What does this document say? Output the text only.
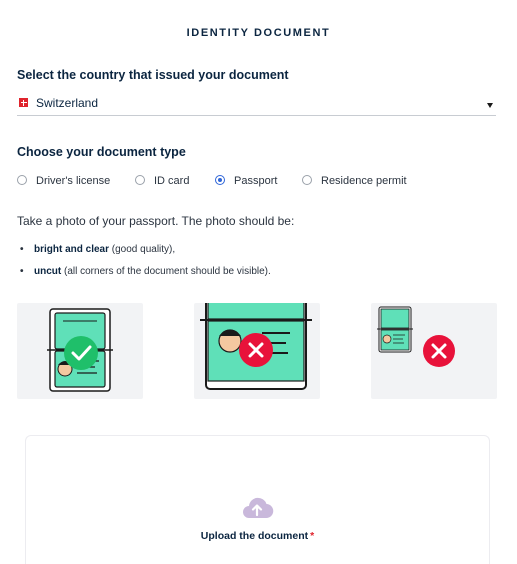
IDENTITY DOCUMENT
Select the country that issued your document
Switzerland
Choose your document type
Driver's license	ID card	Passport	Residence permit
Take a photo of your passport. The photo should be:
• bright and clear (good quality),
• uncut (all corners of the document should be visible).
Upload the document *
